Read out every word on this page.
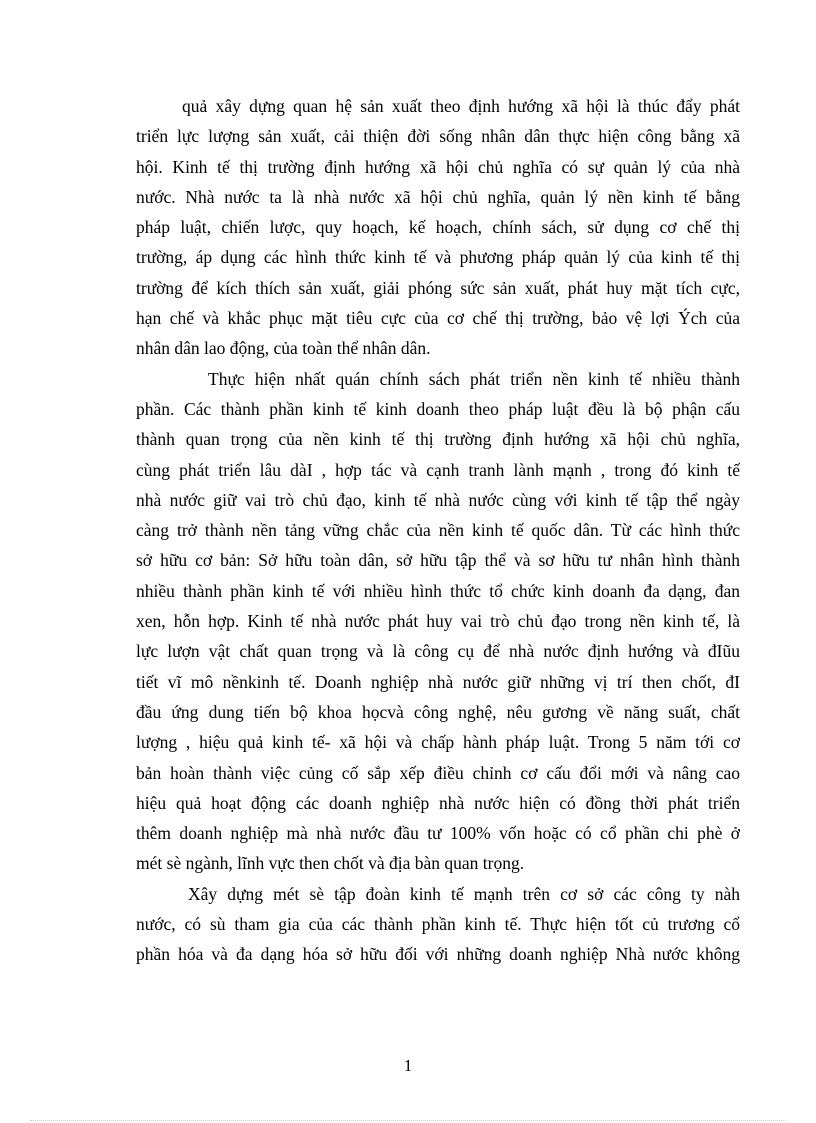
quả xây dựng quan hệ sản xuất theo định hướng xã hội là thúc đẩy phát
triển lực lượng sản xuất, cải thiện đời sống nhân dân thực hiện công bằng xã
hội. Kinh tế thị trường định hướng xã hội chủ nghĩa có sự quản lý của nhà
nước. Nhà nước ta là nhà nước xã hội chủ nghĩa, quản lý nền kinh tế bằng
pháp luật, chiến lược, quy hoạch, kế hoạch, chính sách, sử dụng cơ chế thị
trường, áp dụng các hình thức kinh tế và phương pháp quản lý của kinh tế thị
trường để kích thích sản xuất, giải phóng sức sản xuất, phát huy mặt tích cực,
hạn chế và khắc phục mặt tiêu cực của cơ chế thị trường, bảo vệ lợi Ých của
nhân dân lao động, của toàn thể nhân dân.
Thực hiện nhất quán chính sách phát triển nền kinh tế nhiều thành
phần. Các thành phần kinh tế kinh doanh theo pháp luật đều là bộ phận cấu
thành quan trọng của nền kinh tế thị trường định hướng xã hội chủ nghĩa,
cùng phát triển lâu dàI , hợp tác và cạnh tranh lành mạnh , trong đó kinh tế
nhà nước giữ vai trò chủ đạo, kinh tế nhà nước cùng với kinh tế tập thể ngày
càng trở thành nền tảng vững chắc của nền kinh tế quốc dân. Từ các hình thức
sở hữu cơ bản: Sở hữu toàn dân, sở hữu tập thể và sơ hữu tư nhân hình thành
nhiều thành phần kinh tế với nhiều hình thức tổ chức kinh doanh đa dạng, đan
xen, hỗn hợp. Kinh tế nhà nước phát huy vai trò chủ đạo trong nền kinh tế, là
lực lượn vật chất quan trọng và là công cụ để nhà nước định hướng và đIũu
tiết vĩ mô nềnkinh tế. Doanh nghiệp nhà nước giữ những vị trí then chốt, đI
đầu ứng dung tiến bộ khoa họcvà công nghệ, nêu gương về năng suất, chất
lượng , hiệu quả kinh tế- xã hội và chấp hành pháp luật. Trong 5 năm tới cơ
bản hoàn thành việc củng cố sắp xếp điều chỉnh cơ cấu đổi mới và nâng cao
hiệu quả hoạt động các doanh nghiệp nhà nước hiện có đồng thời phát triển
thêm doanh nghiệp mà nhà nước đầu tư 100% vốn hoặc có cổ phần chi phè ở
mét sè ngành, lĩnh vực then chốt và địa bàn quan trọng.
Xây dựng mét sè tập đoàn kinh tế mạnh trên cơ sở các công ty nàh
nước, có sù tham gia của các thành phần kinh tế. Thực hiện tốt củ trương cổ
phần hóa và đa dạng hóa sở hữu đối với những doanh nghiệp Nhà nước không
1
